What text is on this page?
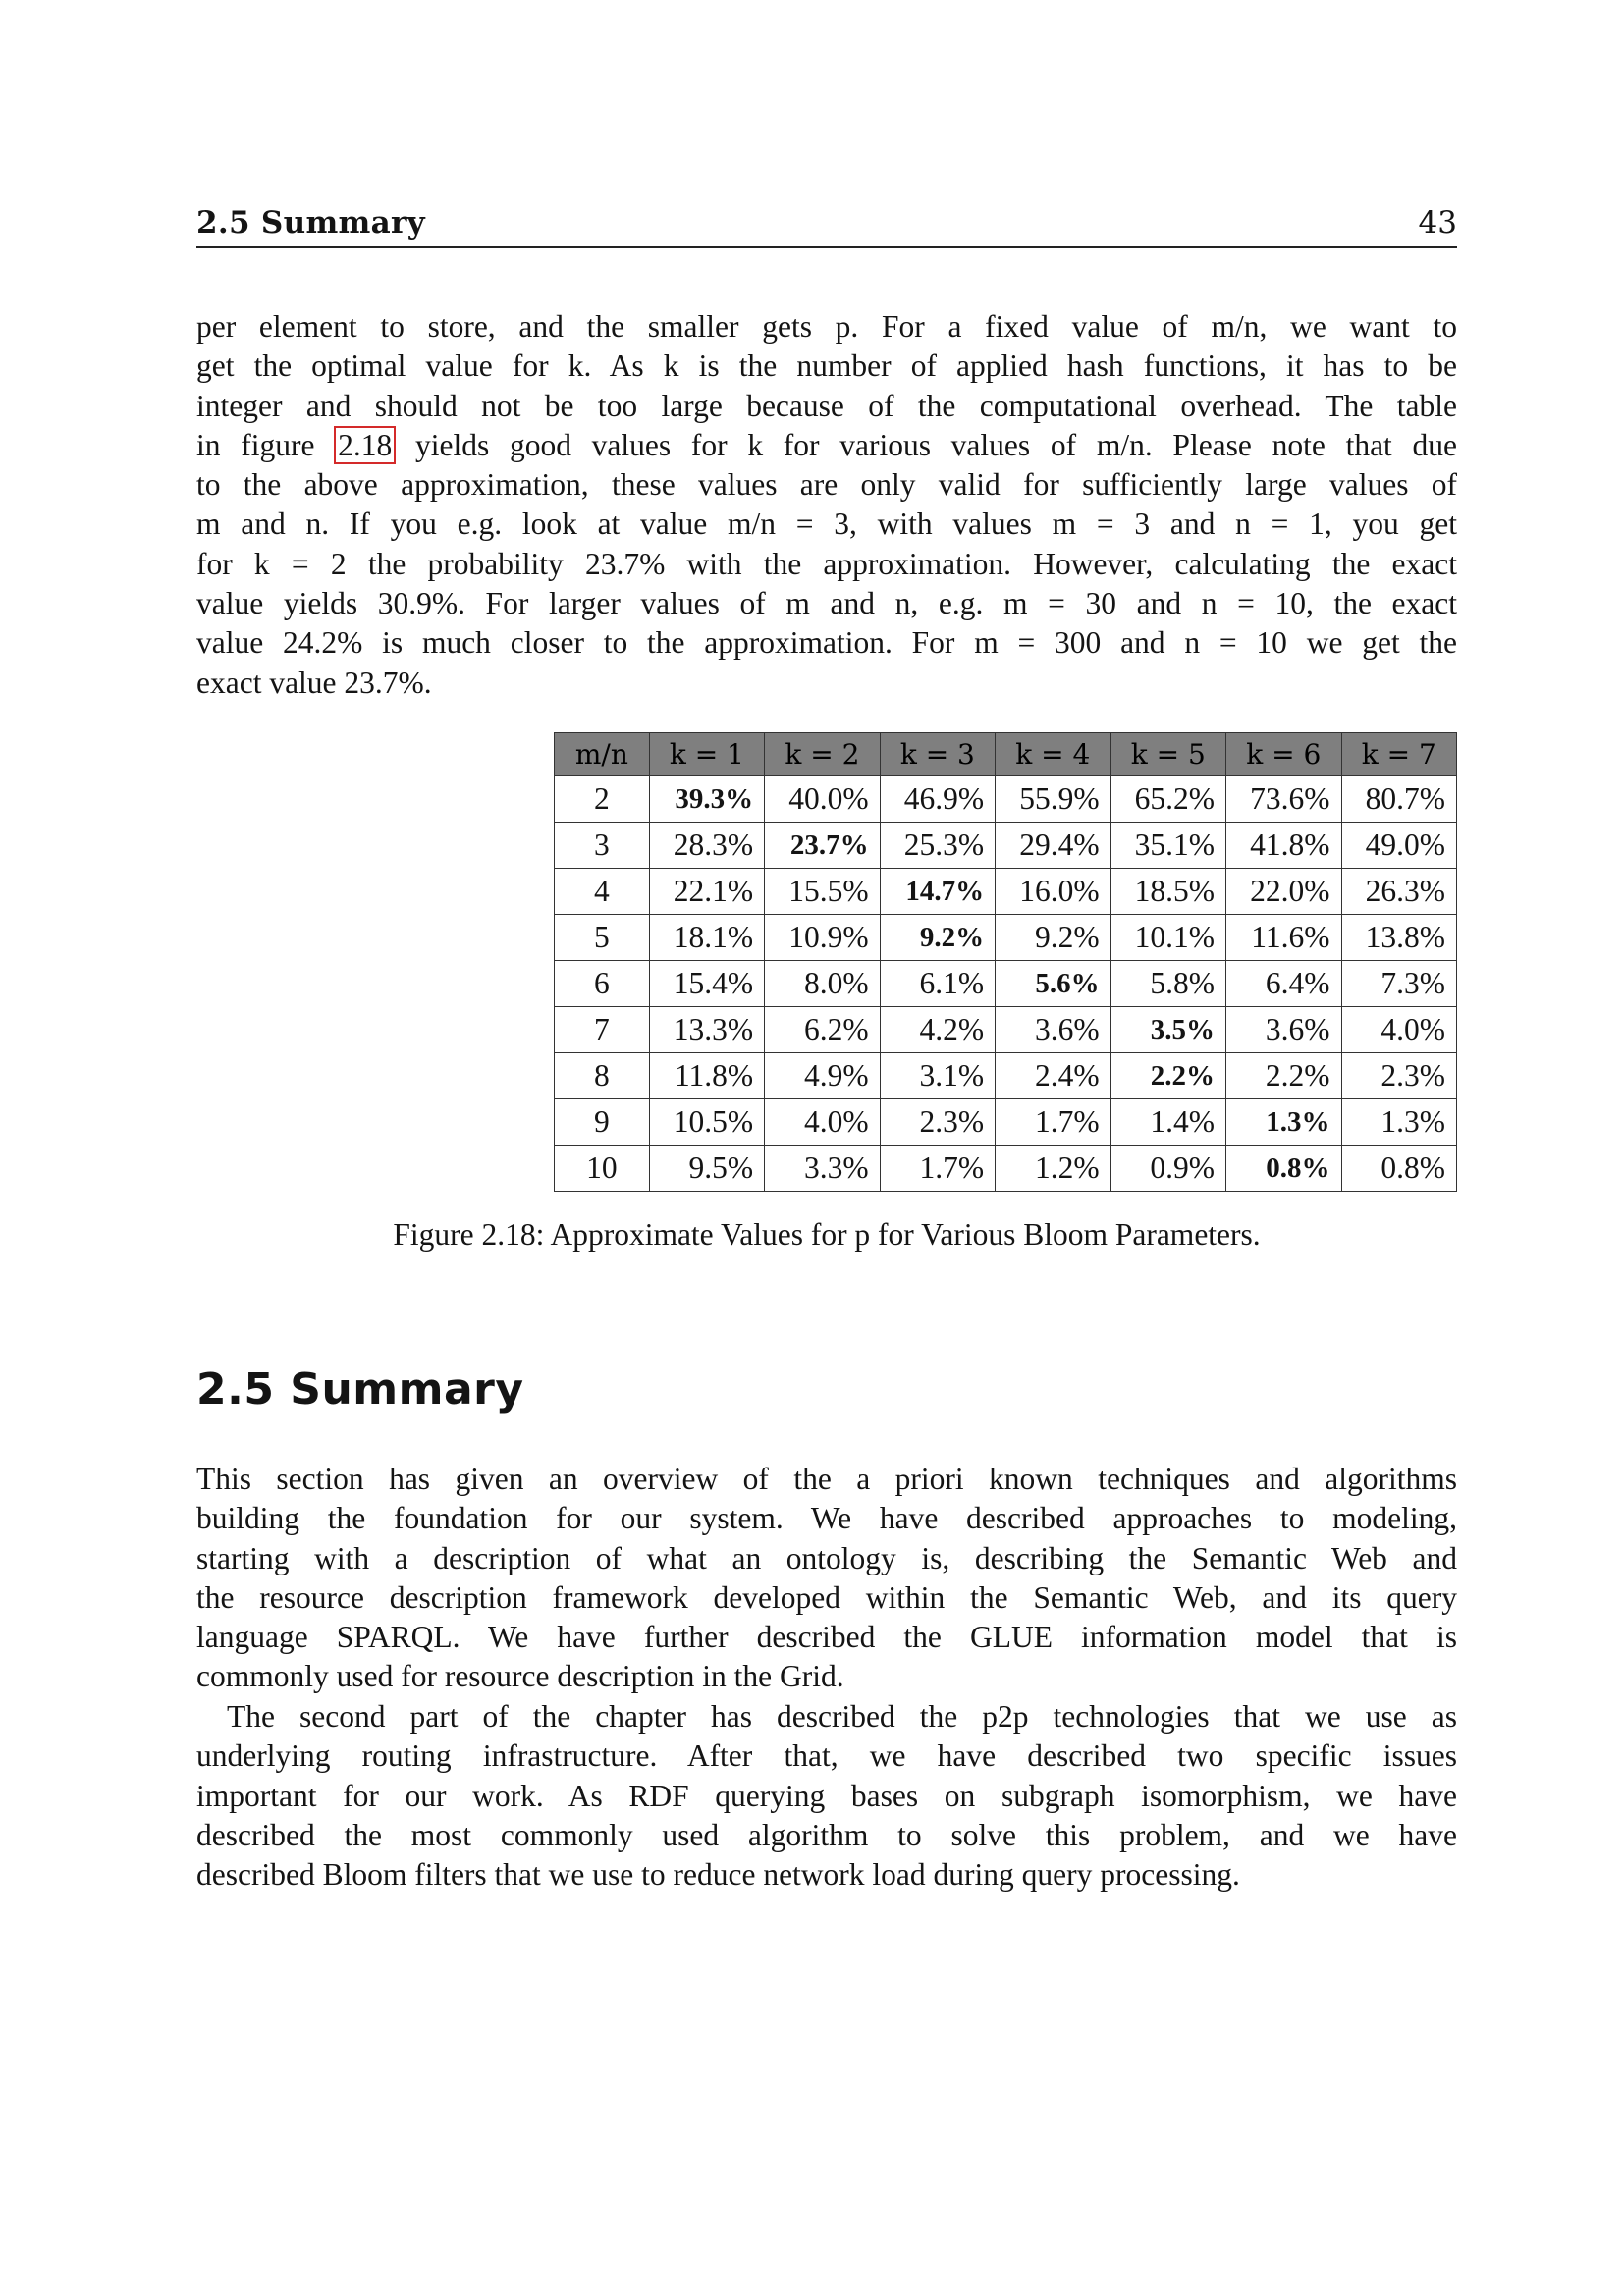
2.5 Summary	43
per element to store, and the smaller gets p. For a fixed value of m/n, we want to
get the optimal value for k. As k is the number of applied hash functions, it has to be
integer and should not be too large because of the computational overhead. The table
in figure 2.18 yields good values for k for various values of m/n. Please note that due
to the above approximation, these values are only valid for sufficiently large values of
m and n. If you e.g. look at value m/n = 3, with values m = 3 and n = 1, you get
for k = 2 the probability 23.7% with the approximation. However, calculating the exact
value yields 30.9%. For larger values of m and n, e.g. m = 30 and n = 10, the exact
value 24.2% is much closer to the approximation. For m = 300 and n = 10 we get the
exact value 23.7%.
m/n	k = 1	k = 2	k = 3	k = 4	k = 5	k = 6	k = 7
2	39.3%	40.0%	46.9%	55.9%	65.2%	73.6%	80.7%
3	28.3%	23.7%	25.3%	29.4%	35.1%	41.8%	49.0%
4	22.1%	15.5%	14.7%	16.0%	18.5%	22.0%	26.3%
5	18.1%	10.9%	9.2%	9.2%	10.1%	11.6%	13.8%
6	15.4%	8.0%	6.1%	5.6%	5.8%	6.4%	7.3%
7	13.3%	6.2%	4.2%	3.6%	3.5%	3.6%	4.0%
8	11.8%	4.9%	3.1%	2.4%	2.2%	2.2%	2.3%
9	10.5%	4.0%	2.3%	1.7%	1.4%	1.3%	1.3%
10	9.5%	3.3%	1.7%	1.2%	0.9%	0.8%	0.8%
Figure 2.18: Approximate Values for p for Various Bloom Parameters.
2.5 Summary
This section has given an overview of the a priori known techniques and algorithms
building the foundation for our system. We have described approaches to modeling,
starting with a description of what an ontology is, describing the Semantic Web and
the resource description framework developed within the Semantic Web, and its query
language SPARQL. We have further described the GLUE information model that is
commonly used for resource description in the Grid.
The second part of the chapter has described the p2p technologies that we use as
underlying routing infrastructure. After that, we have described two specific issues
important for our work. As RDF querying bases on subgraph isomorphism, we have
described the most commonly used algorithm to solve this problem, and we have
described Bloom filters that we use to reduce network load during query processing.
